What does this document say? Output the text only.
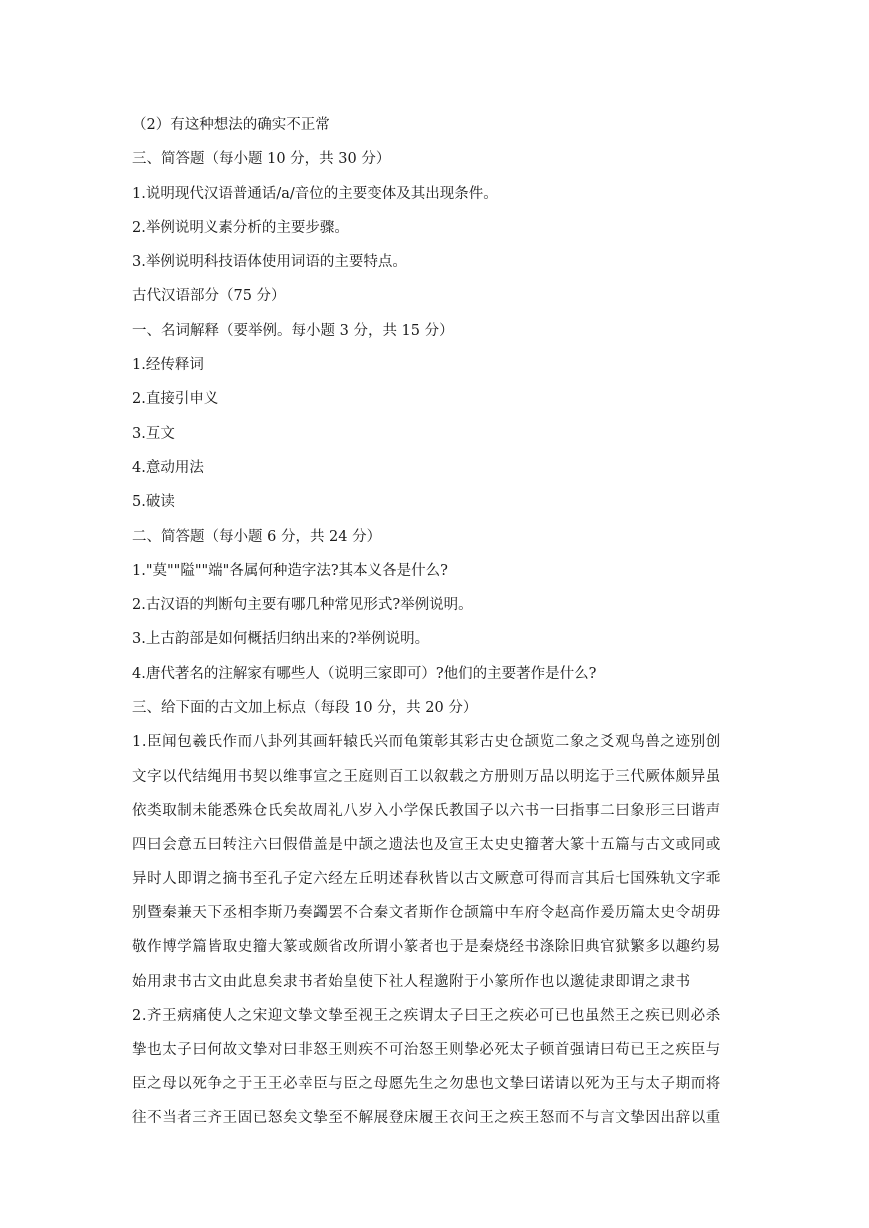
（2）有这种想法的确实不正常
三、简答题（每小题 10 分，共 30 分）
1.说明现代汉语普通话/a/音位的主要变体及其出现条件。
2.举例说明义素分析的主要步骤。
3.举例说明科技语体使用词语的主要特点。
古代汉语部分（75 分）
一、名词解释（要举例。每小题 3 分，共 15 分）
1.经传释词
2.直接引申义
3.互文
4.意动用法
5.破读
二、简答题（每小题 6 分，共 24 分）
1."莫""隘""端"各属何种造字法?其本义各是什么?
2.古汉语的判断句主要有哪几种常见形式?举例说明。
3.上古韵部是如何概括归纳出来的?举例说明。
4.唐代著名的注解家有哪些人（说明三家即可）?他们的主要著作是什么?
三、给下面的古文加上标点（每段 10 分，共 20 分）
1.臣闻包羲氏作而八卦列其画轩辕氏兴而龟策彰其彩古史仓颉览二象之爻观鸟兽之迹别创
文字以代结绳用书契以维事宣之王庭则百工以叙载之方册则万品以明迄于三代厥体颇异虽
依类取制未能悉殊仓氏矣故周礼八岁入小学保氏教国子以六书一曰指事二曰象形三曰谐声
四曰会意五曰转注六曰假借盖是中颉之遗法也及宣王太史史籀著大篆十五篇与古文或同或
异时人即谓之摘书至孔子定六经左丘明述春秋皆以古文厥意可得而言其后七国殊轨文字乖
别暨秦兼天下丞相李斯乃奏蠲罢不合秦文者斯作仓颉篇中车府令赵高作爰历篇太史令胡毋
敬作博学篇皆取史籀大篆或颇省改所谓小篆者也于是秦烧经书涤除旧典官狱繁多以趣约易
始用隶书古文由此息矣隶书者始皇使下社人程邈附于小篆所作也以邈徒隶即谓之隶书
2.齐王病痛使人之宋迎文挚文挚至视王之疾谓太子曰王之疾必可已也虽然王之疾已则必杀
挚也太子曰何故文挚对曰非怒王则疾不可治怒王则挚必死太子顿首强请曰苟已王之疾臣与
臣之母以死争之于王王必幸臣与臣之母愿先生之勿患也文挚曰诺请以死为王与太子期而将
往不当者三齐王固已怒矣文挚至不解展登床履王衣问王之疾王怒而不与言文挚因出辞以重
